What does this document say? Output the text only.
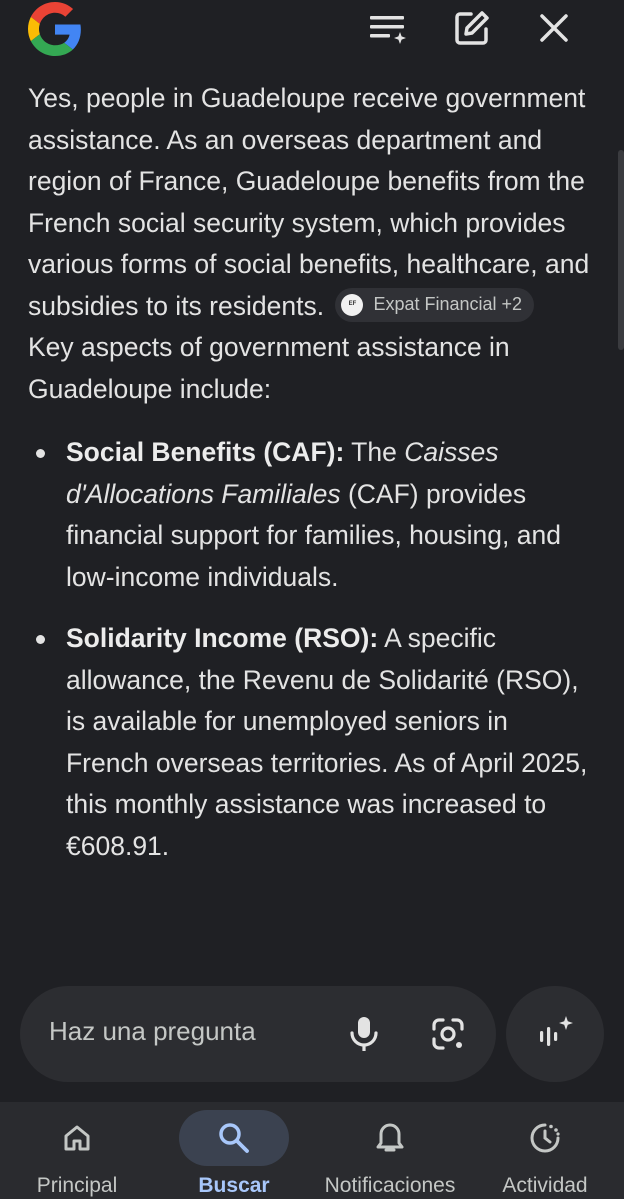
Yes, people in Guadeloupe receive government assistance. As an overseas department and region of France, Guadeloupe benefits from the French social security system, which provides various forms of social benefits, healthcare, and subsidies to its residents.	EF Expat Financial +2

Key aspects of government assistance in Guadeloupe include:

Social Benefits (CAF): The Caisses d'Allocations Familiales (CAF) provides financial support for families, housing, and low-income individuals.
Solidarity Income (RSO): A specific allowance, the Revenu de Solidarité (RSO), is available for unemployed seniors in French overseas territories. As of April 2025, this monthly assistance was increased to €608.91.
Haz una pregunta
Principal	Buscar	Notificaciones Actividad
